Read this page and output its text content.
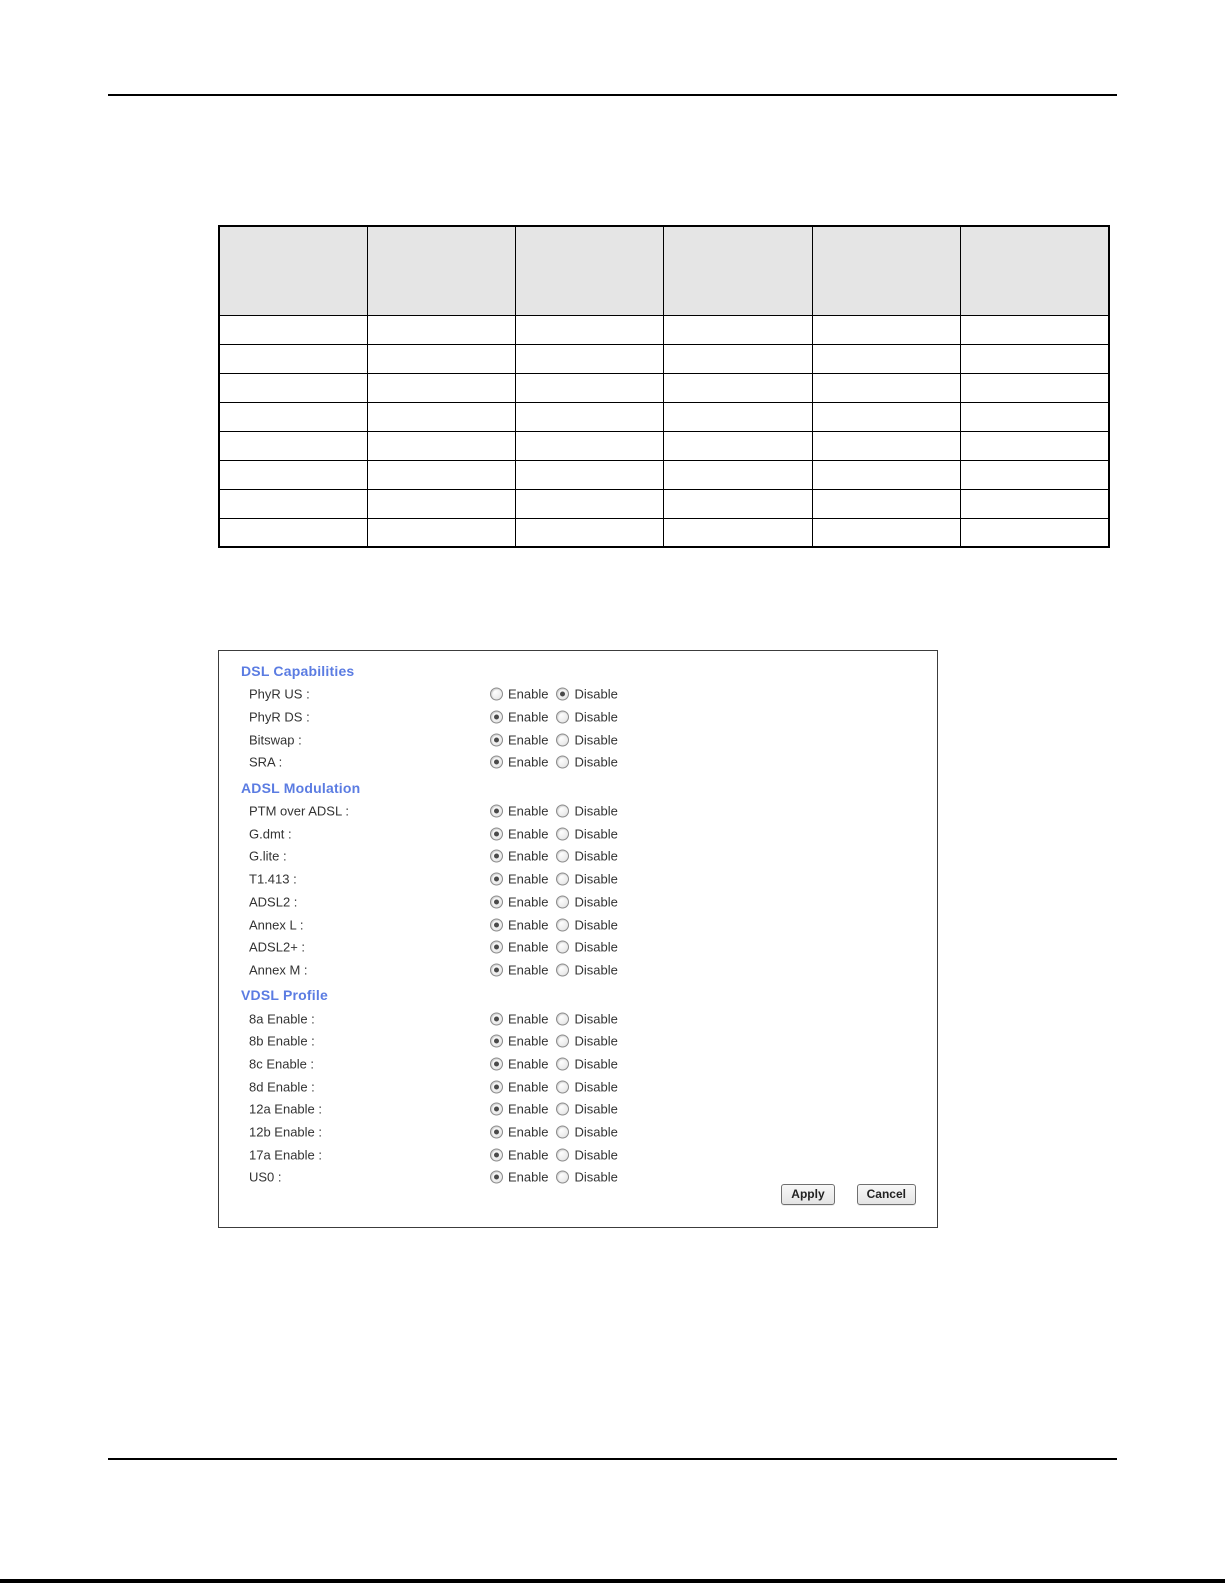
DSL Capabilities
PhyR US :	Enable Disable
PhyR DS :	Enable Disable
Bitswap :	Enable Disable
SRA :	Enable Disable
ADSL Modulation
PTM over ADSL :	Enable Disable
G.dmt :	Enable Disable
G.lite :	Enable Disable
T1.413 :	Enable Disable
ADSL2 :	Enable Disable
Annex L :	Enable Disable
ADSL2+ :	Enable Disable
Annex M :	Enable Disable
VDSL Profile
8a Enable :	Enable Disable
8b Enable :	Enable Disable
8c Enable :	Enable Disable
8d Enable :	Enable Disable
12a Enable :	Enable Disable
12b Enable :	Enable Disable
17a Enable :	Enable Disable
US0 :	Enable Disable
Apply	Cancel
